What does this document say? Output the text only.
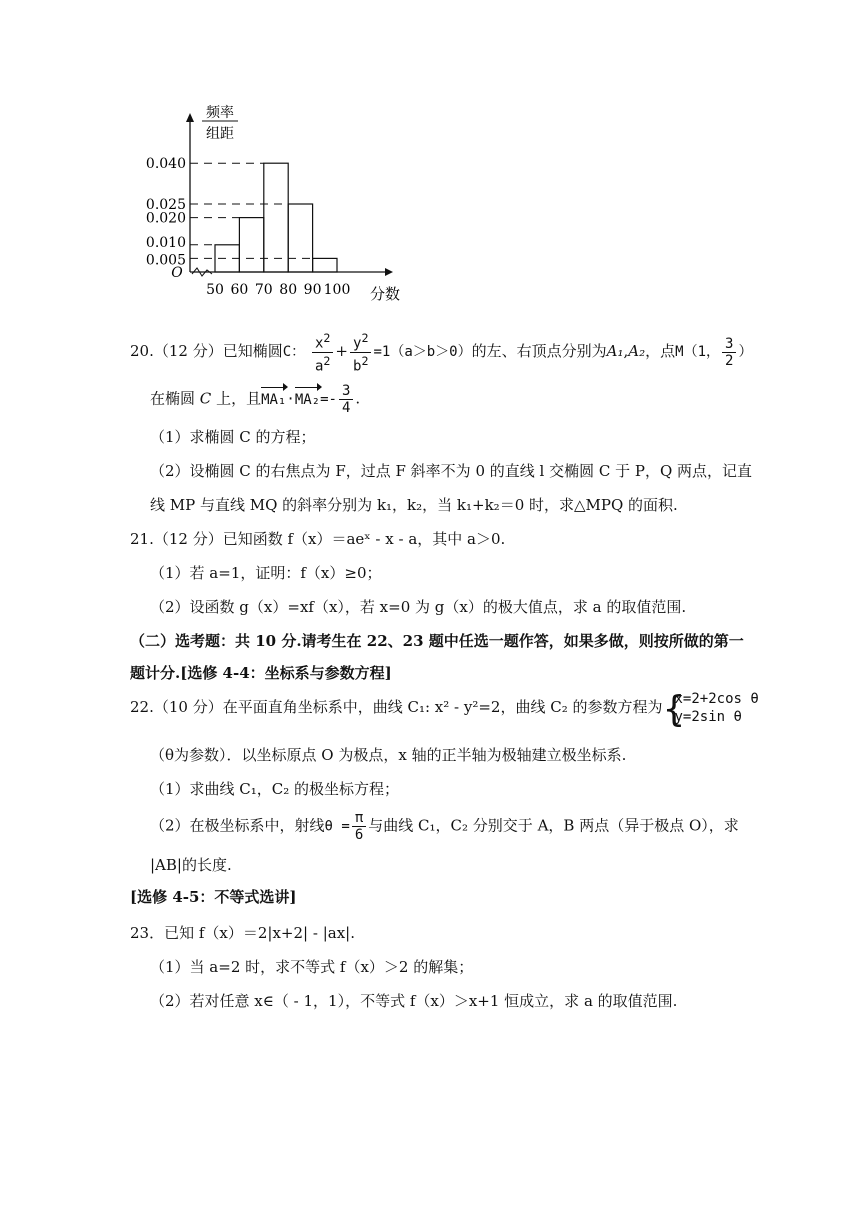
频率
组距
O
0.040
0.025
0.020
0.010
0.005
50 60 70 80 90 100 分数
20.（12 分）已知椭圆C： $\frac{x^2}{a^2} + \frac{y^2}{b^2} =1(a>b>0)$的左、右顶点分别为A₁,A₂，点M（1， $\frac{3}{2}$ ）
在椭圆 C 上，且$MA_1\cdot MA_2=- \frac{3}{4}$ .
（1）求椭圆 C 的方程；
（2）设椭圆 C 的右焦点为 F，过点 F 斜率不为 0 的直线 l 交椭圆 C 于 P，Q 两点，记直
线 MP 与直线 MQ 的斜率分别为 k₁，k₂，当 k₁+k₂＝0 时，求△MPQ 的面积.
21.（12 分）已知函数 f（x）＝aeˣ - x - a，其中 a＞0.
（1）若 a=1，证明：f（x）≥0；
（2）设函数 g（x）=xf（x），若 x=0 为 g（x）的极大值点，求 a 的取值范围.
（二）选考题：共 10 分.请考生在 22、23 题中任选一题作答，如果多做，则按所做的第一
题计分.[选修 4-4：坐标系与参数方程]
22.（10 分）在平面直角坐标系中，曲线 C₁: x² - y²=2，曲线 C₂ 的参数方程为 {
x=2+2cos θ
y=2sin θ
（θ为参数）．以坐标原点 O 为极点，x 轴的正半轴为极轴建立极坐标系.
（1）求曲线 C₁，C₂ 的极坐标方程；
（2）在极坐标系中，射线$\theta = \frac{\pi}{6}$ 与曲线 C₁，C₂ 分别交于 A，B 两点（异于极点 O），求
|AB|的长度.
[选修 4-5：不等式选讲]
23．已知 f（x）＝2|x+2| - |ax|.
（1）当 a=2 时，求不等式 f（x）＞2 的解集；
（2）若对任意 x∈（ - 1，1），不等式 f（x）＞x+1 恒成立，求 a 的取值范围.
